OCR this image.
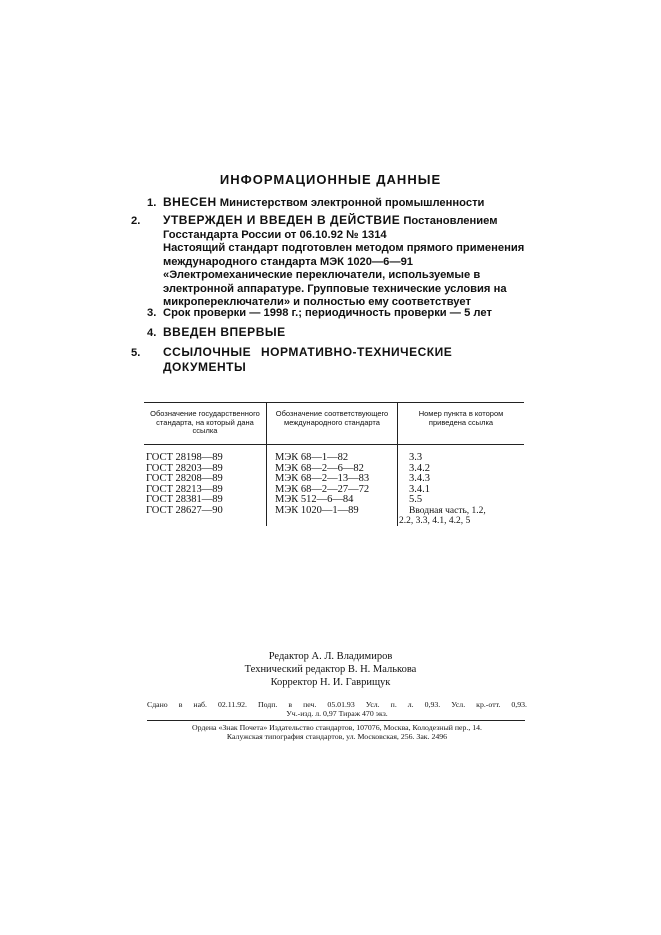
ИНФОРМАЦИОННЫЕ ДАННЫЕ
1. ВНЕСЕН Министерством электронной промышленности
2. УТВЕРЖДЕН И ВВЕДЕН В ДЕЙСТВИЕ Постановлением Госстандарта России от 06.10.92 № 1314
Настоящий стандарт подготовлен методом прямого применения международного стандарта МЭК 1020—6—91 «Электромеханические переключатели, используемые в электронной аппаратуре. Групповые технические условия на микропереключатели» и полностью ему соответствует
3. Срок проверки — 1998 г.; периодичность проверки — 5 лет
4. ВВЕДЕН ВПЕРВЫЕ
5. ССЫЛОЧНЫЕ НОРМАТИВНО-ТЕХНИЧЕСКИЕ ДОКУМЕНТЫ
Обозначение государственного стандарта, на который дана ссылка
Обозначение соответствующего международного стандарта
Номер пункта в котором приведена ссылка
ГОСТ 28198—89
ГОСТ 28203—89
ГОСТ 28208—89
ГОСТ 28213—89
ГОСТ 28381—89
ГОСТ 28627—90
МЭК 68—1—82
МЭК 68—2—6—82
МЭК 68—2—13—83
МЭК 68—2—27—72
МЭК 512—6—84
МЭК 1020—1—89
3.3
3.4.2
3.4.3
3.4.1
5.5
Вводная часть, 1.2,
2.2, 3.3, 4.1, 4.2, 5
Редактор А. Л. Владимиров
Технический редактор В. Н. Малькова
Корректор Н. И. Гаврищук
Сдано в наб. 02.11.92. Подп. в печ. 05.01.93 Усл. п. л. 0,93. Усл. кр.-отт. 0,93.
Уч.-изд. л. 0,97 Тираж 470 экз.
Ордена «Знак Почета» Издательство стандартов, 107076, Москва, Колодезный пер., 14.
Калужская типография стандартов, ул. Московская, 256. Зак. 2496
